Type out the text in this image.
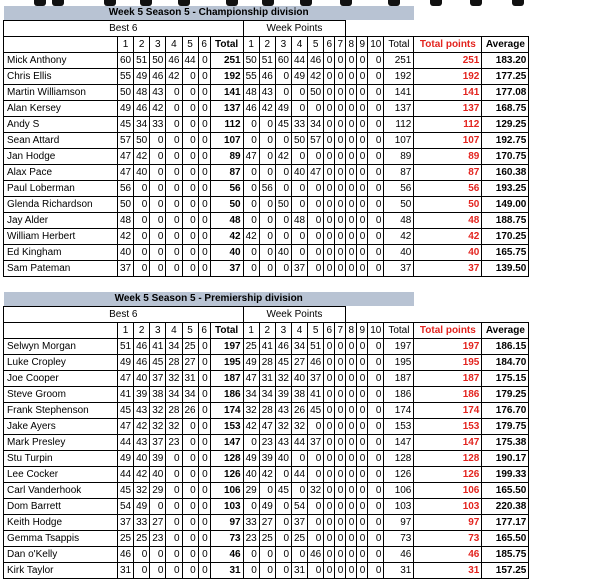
Week 5 Season 5 - Championship division																				
Best 6								Week Points												
	1	2	3	4	5	6	Total	1	2	3	4	5	6	7	8	9	10	Total	Total points	Average
Mick Anthony	60	51	50	46	44	0	251	50	51	60	44	46	0	0	0	0	0	251	251	183.20
Chris Ellis	55	49	46	42	0	0	192	55	46	0	49	42	0	0	0	0	0	192	192	177.25
Martin Williamson	50	48	43	0	0	0	141	48	43	0	0	50	0	0	0	0	0	141	141	177.08
Alan Kersey	49	46	42	0	0	0	137	46	42	49	0	0	0	0	0	0	0	137	137	168.75
Andy S	45	34	33	0	0	0	112	0	0	45	33	34	0	0	0	0	0	112	112	129.25
Sean Attard	57	50	0	0	0	0	107	0	0	0	50	57	0	0	0	0	0	107	107	192.75
Jan Hodge	47	42	0	0	0	0	89	47	0	42	0	0	0	0	0	0	0	89	89	170.75
Alax Pace	47	40	0	0	0	0	87	0	0	0	40	47	0	0	0	0	0	87	87	160.38
Paul Loberman	56	0	0	0	0	0	56	0	56	0	0	0	0	0	0	0	0	56	56	193.25
Glenda Richardson	50	0	0	0	0	0	50	0	0	50	0	0	0	0	0	0	0	50	50	149.00
Jay Alder	48	0	0	0	0	0	48	0	0	0	48	0	0	0	0	0	0	48	48	188.75
William Herbert	42	0	0	0	0	0	42	42	0	0	0	0	0	0	0	0	0	42	42	170.25
Ed Kingham	40	0	0	0	0	0	40	0	0	40	0	0	0	0	0	0	0	40	40	165.75
Sam Pateman	37	0	0	0	0	0	37	0	0	0	37	0	0	0	0	0	0	37	37	139.50
Week 5 Season 5 - Premiership division																				
Best 6								Week Points												
	1	2	3	4	5	6	Total	1	2	3	4	5	6	7	8	9	10	Total	Total points	Average
Selwyn Morgan	51	46	41	34	25	0	197	25	41	46	34	51	0	0	0	0	0	197	197	186.15
Luke Cropley	49	46	45	28	27	0	195	49	28	45	27	46	0	0	0	0	0	195	195	184.70
Joe Cooper	47	40	37	32	31	0	187	47	31	32	40	37	0	0	0	0	0	187	187	175.15
Steve Groom	41	39	38	34	34	0	186	34	34	39	38	41	0	0	0	0	0	186	186	179.25
Frank Stephenson	45	43	32	28	26	0	174	32	28	43	26	45	0	0	0	0	0	174	174	176.70
Jake Ayers	47	42	32	32	0	0	153	42	47	32	32	0	0	0	0	0	0	153	153	179.75
Mark Presley	44	43	37	23	0	0	147	0	23	43	44	37	0	0	0	0	0	147	147	175.38
Stu Turpin	49	40	39	0	0	0	128	49	39	40	0	0	0	0	0	0	0	128	128	190.17
Lee Cocker	44	42	40	0	0	0	126	40	42	0	44	0	0	0	0	0	0	126	126	199.33
Carl Vanderhook	45	32	29	0	0	0	106	29	0	45	0	32	0	0	0	0	0	106	106	165.50
Dom Barrett	54	49	0	0	0	0	103	0	49	0	54	0	0	0	0	0	0	103	103	220.38
Keith Hodge	37	33	27	0	0	0	97	33	27	0	37	0	0	0	0	0	0	97	97	177.17
Gemma Tsappis	25	25	23	0	0	0	73	23	25	0	25	0	0	0	0	0	0	73	73	165.50
Dan o'Kelly	46	0	0	0	0	0	46	0	0	0	0	46	0	0	0	0	0	46	46	185.75
Kirk Taylor	31	0	0	0	0	0	31	0	0	0	31	0	0	0	0	0	0	31	31	157.25
